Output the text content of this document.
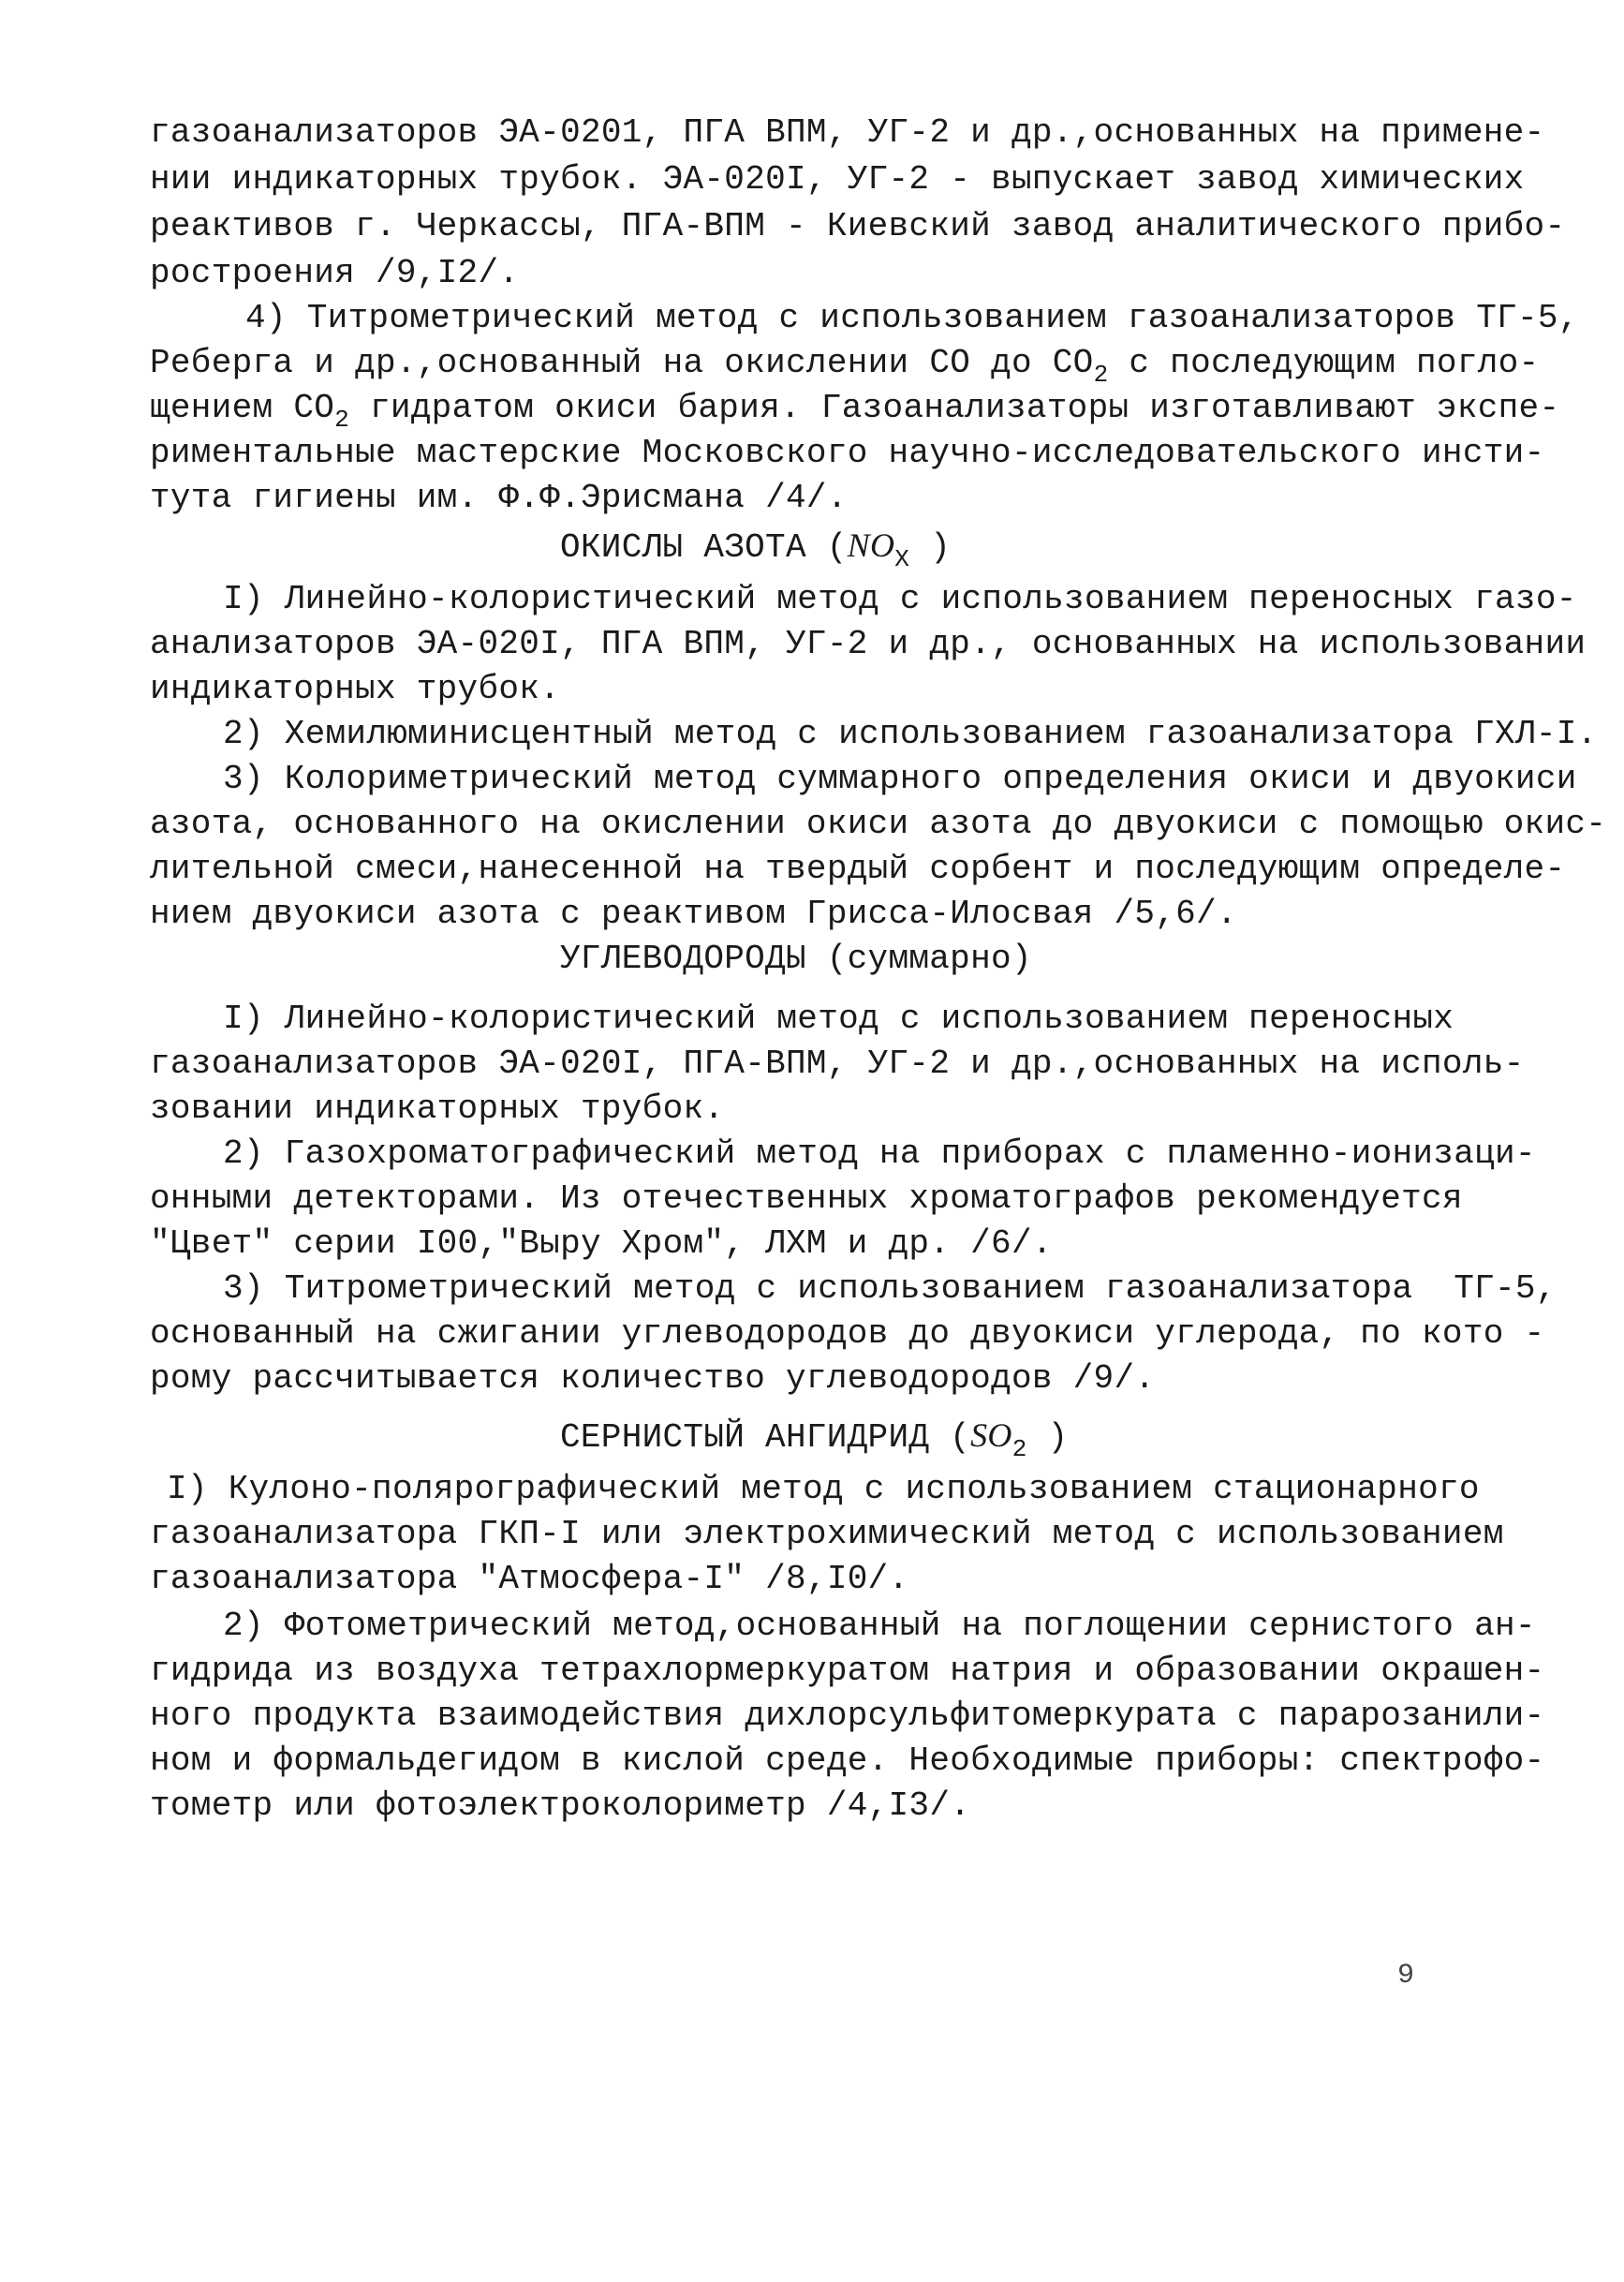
газоанализаторов ЭА-0201, ПГА ВПМ, УГ-2 и др.,основанных на примене-
нии индикаторных трубок. ЭА-020I, УГ-2 - выпускает завод химических
реактивов г. Черкассы, ПГА-ВПМ - Киевский завод аналитического прибо-
ростроения /9,I2/.
4) Титрометрический метод с использованием газоанализаторов ТГ-5,
Реберга и др.,основанный на окислении СО до $СО_2$ с последующим погло-
щением $СО_2$ гидратом окиси бария. Газоанализаторы изготавливают экспе-
риментальные мастерские Московского научно-исследовательского инсти-
тута гигиены им. Ф.Ф.Эрисмана /4/.
ОКИСЛЫ АЗОТА ($NO_X$ )
I) Линейно-колористический метод с использованием переносных газо-
анализаторов ЭА-020I, ПГА ВПМ, УГ-2 и др., основанных на использовании
индикаторных трубок.
2) Хемилюминисцентный метод с использованием газоанализатора ГХЛ-I.
3) Колориметрический метод суммарного определения окиси и двуокиси
азота, основанного на окислении окиси азота до двуокиси с помощью окис-
лительной смеси,нанесенной на твердый сорбент и последующим определе-
нием двуокиси азота с реактивом Грисса-Илосвая /5,6/.
УГЛЕВОДОРОДЫ (суммарно)
I) Линейно-колористический метод с использованием переносных
газоанализаторов ЭА-020I, ПГА-ВПМ, УГ-2 и др.,основанных на исполь-
зовании индикаторных трубок.
2) Газохроматографический метод на приборах с пламенно-ионизаци-
онными детекторами. Из отечественных хроматографов рекомендуется
"Цвет" серии I00,"Выру Хром", ЛХМ и др. /6/.
3) Титрометрический метод с использованием газоанализатора  ТГ-5,
основанный на сжигании углеводородов до двуокиси углерода, по кото -
рому рассчитывается количество углеводородов /9/.
СЕРНИСТЫЙ АНГИДРИД ($SO_2$ )
I) Кулоно-полярографический метод с использованием стационарного
газоанализатора ГКП-I или электрохимический метод с использованием
газоанализатора "Атмосфера-I" /8,I0/.
2) Фотометрический метод,основанный на поглощении сернистого ан-
гидрида из воздуха тетрахлормеркуратом натрия и образовании окрашен-
ного продукта взаимодействия дихлорсульфитомеркурата с парарозанили-
ном и формальдегидом в кислой среде. Необходимые приборы: спектрофо-
тометр или фотоэлектроколориметр /4,I3/.
9
